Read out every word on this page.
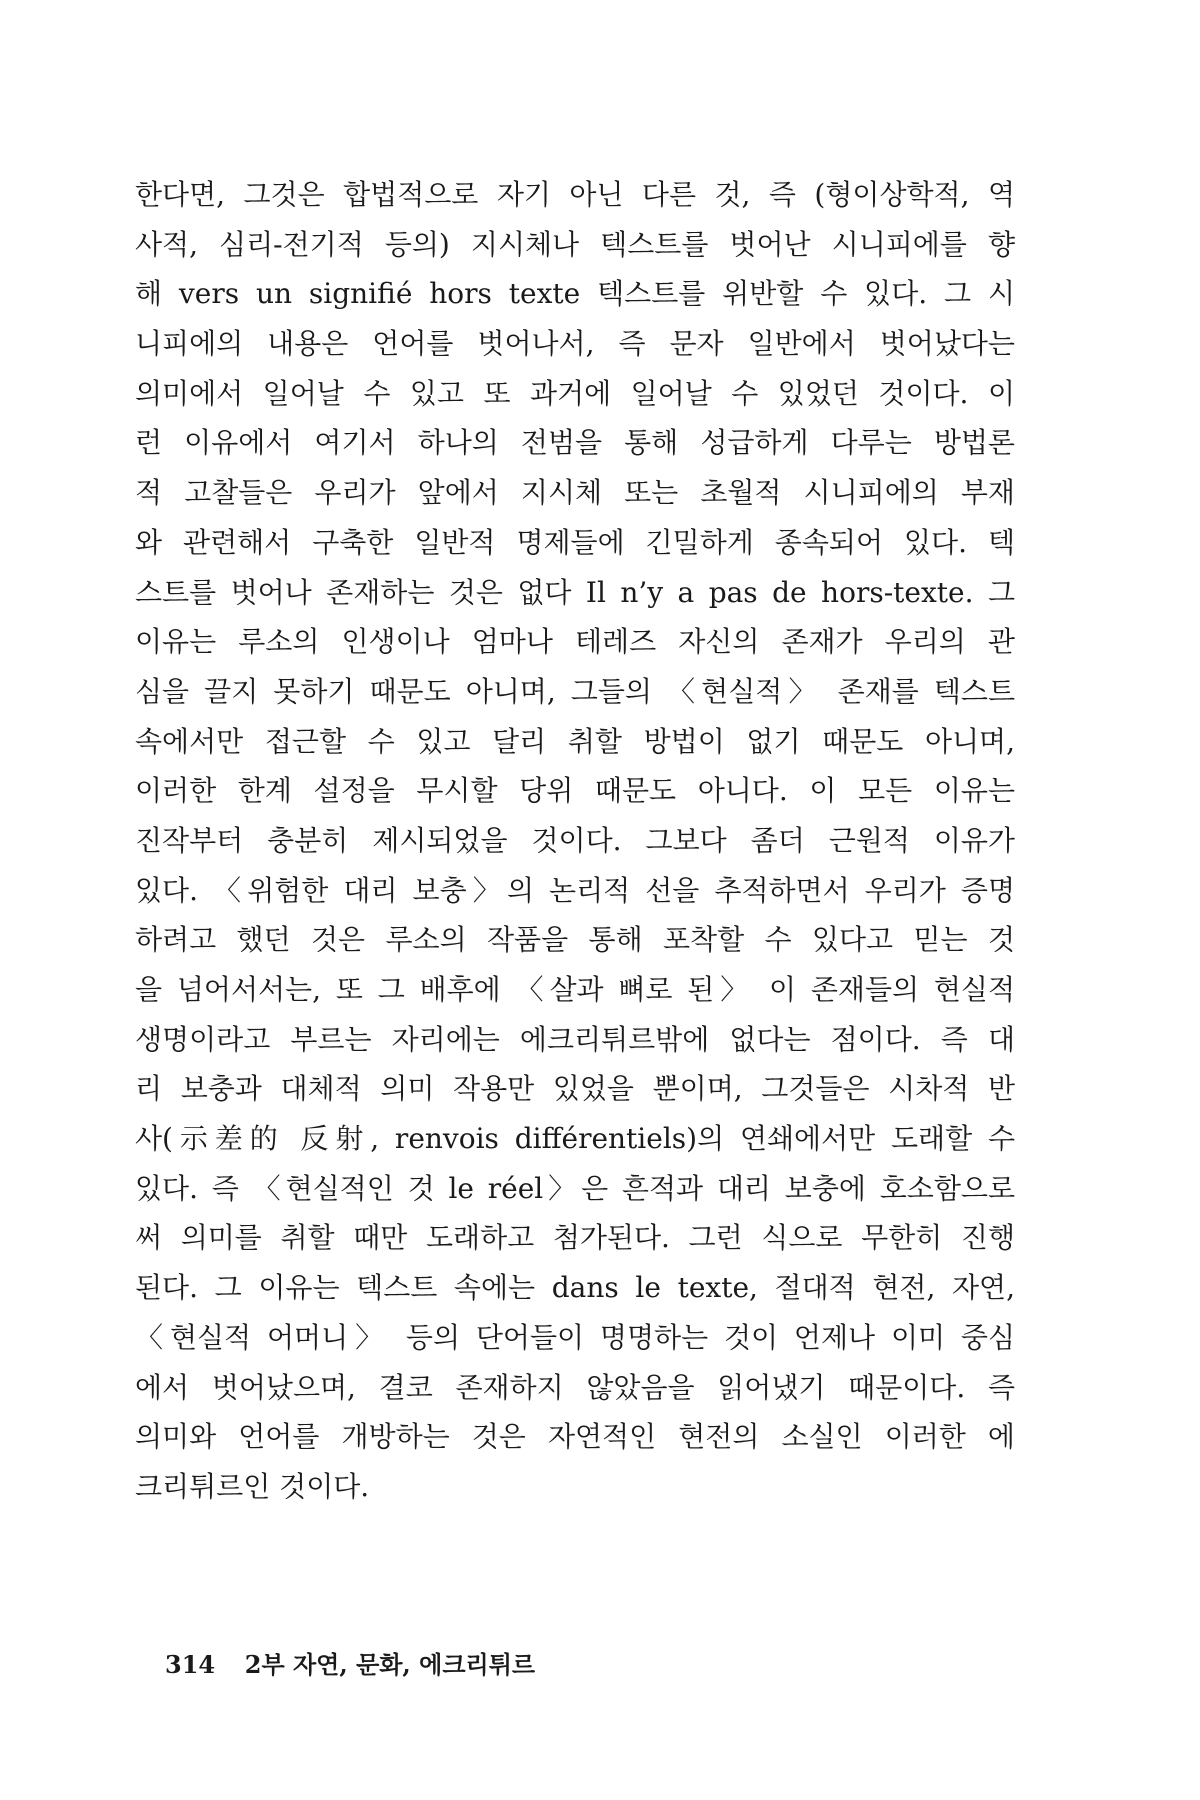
한다면, 그것은 합법적으로 자기 아닌 다른 것, 즉 (형이상학적, 역
사적, 심리-전기적 등의) 지시체나 텍스트를 벗어난 시니피에를 향
해 vers un signifié hors texte 텍스트를 위반할 수 있다. 그 시
니피에의 내용은 언어를 벗어나서, 즉 문자 일반에서 벗어났다는
의미에서 일어날 수 있고 또 과거에 일어날 수 있었던 것이다. 이
런 이유에서 여기서 하나의 전범을 통해 성급하게 다루는 방법론
적 고찰들은 우리가 앞에서 지시체 또는 초월적 시니피에의 부재
와 관련해서 구축한 일반적 명제들에 긴밀하게 종속되어 있다. 텍
스트를 벗어나 존재하는 것은 없다 Il n’y a pas de hors-texte. 그
이유는 루소의 인생이나 엄마나 테레즈 자신의 존재가 우리의 관
심을 끌지 못하기 때문도 아니며, 그들의 〈현실적〉 존재를 텍스트
속에서만 접근할 수 있고 달리 취할 방법이 없기 때문도 아니며,
이러한 한계 설정을 무시할 당위 때문도 아니다. 이 모든 이유는
진작부터 충분히 제시되었을 것이다. 그보다 좀더 근원적 이유가
있다. 〈위험한 대리 보충〉의 논리적 선을 추적하면서 우리가 증명
하려고 했던 것은 루소의 작품을 통해 포착할 수 있다고 믿는 것
을 넘어서서는, 또 그 배후에 〈살과 뼈로 된〉 이 존재들의 현실적
생명이라고 부르는 자리에는 에크리튀르밖에 없다는 점이다. 즉 대
리 보충과 대체적 의미 작용만 있었을 뿐이며, 그것들은 시차적 반
사(示差的 反射, renvois différentiels)의 연쇄에서만 도래할 수
있다. 즉 〈현실적인 것 le réel〉은 흔적과 대리 보충에 호소함으로
써 의미를 취할 때만 도래하고 첨가된다. 그런 식으로 무한히 진행
된다. 그 이유는 텍스트 속에는 dans le texte, 절대적 현전, 자연,
〈현실적 어머니〉 등의 단어들이 명명하는 것이 언제나 이미 중심
에서 벗어났으며, 결코 존재하지 않았음을 읽어냈기 때문이다. 즉
의미와 언어를 개방하는 것은 자연적인 현전의 소실인 이러한 에
크리튀르인 것이다.
314 2부 자연, 문화, 에크리튀르
